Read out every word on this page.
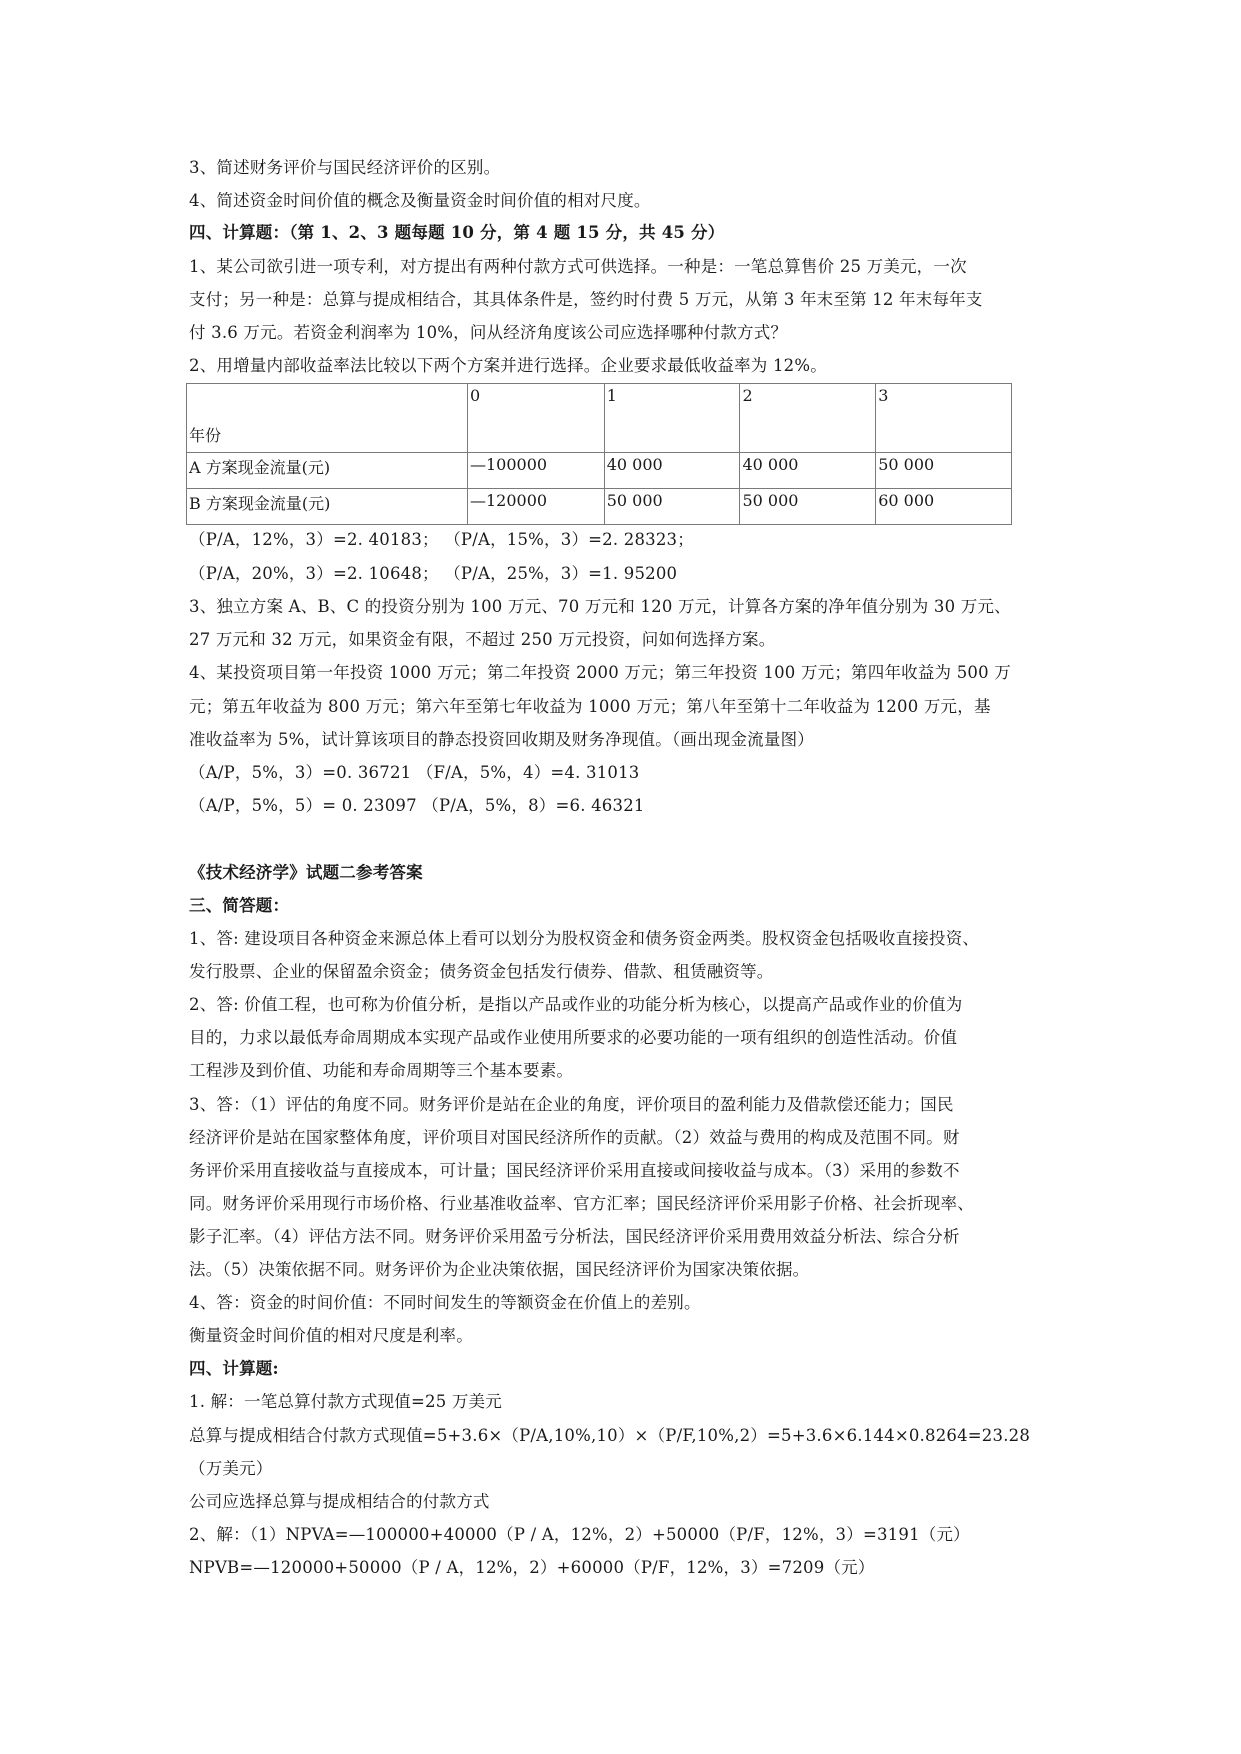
3、简述财务评价与国民经济评价的区别。
4、简述资金时间价值的概念及衡量资金时间价值的相对尺度。
四、计算题：（第 1、2、3 题每题 10 分，第 4 题 15 分，共 45 分）
1、某公司欲引进一项专利，对方提出有两种付款方式可供选择。一种是：一笔总算售价 25 万美元，一次
支付；另一种是：总算与提成相结合，其具体条件是，签约时付费 5 万元，从第 3 年末至第 12 年末每年支
付 3.6 万元。若资金利润率为 10%，问从经济角度该公司应选择哪种付款方式？
2、用增量内部收益率法比较以下两个方案并进行选择。企业要求最低收益率为 12%。
年份	0	1	2	3
A 方案现金流量(元)	—100000	40 000	40 000	50 000
B 方案现金流量(元)	—120000	50 000	50 000	60 000
（P/A，12%，3）=2. 40183； （P/A，15%，3）=2. 28323；
（P/A，20%，3）=2. 10648； （P/A，25%，3）=1. 95200
3、独立方案 A、B、C 的投资分别为 100 万元、70 万元和 120 万元，计算各方案的净年值分别为 30 万元、
27 万元和 32 万元，如果资金有限，不超过 250 万元投资，问如何选择方案。
4、某投资项目第一年投资 1000 万元；第二年投资 2000 万元；第三年投资 100 万元；第四年收益为 500 万
元；第五年收益为 800 万元；第六年至第七年收益为 1000 万元；第八年至第十二年收益为 1200 万元，基
准收益率为 5%，试计算该项目的静态投资回收期及财务净现值。（画出现金流量图）
（A/P，5%，3）=0. 36721 （F/A，5%，4）=4. 31013
（A/P，5%，5）= 0. 23097 （P/A，5%，8）=6. 46321
《技术经济学》试题二参考答案
三、简答题：
1、答: 建设项目各种资金来源总体上看可以划分为股权资金和债务资金两类。股权资金包括吸收直接投资、
发行股票、企业的保留盈余资金；债务资金包括发行债券、借款、租赁融资等。
2、答: 价值工程，也可称为价值分析，是指以产品或作业的功能分析为核心，以提高产品或作业的价值为
目的，力求以最低寿命周期成本实现产品或作业使用所要求的必要功能的一项有组织的创造性活动。价值
工程涉及到价值、功能和寿命周期等三个基本要素。
3、答：（1）评估的角度不同。财务评价是站在企业的角度，评价项目的盈利能力及借款偿还能力；国民
经济评价是站在国家整体角度，评价项目对国民经济所作的贡献。（2）效益与费用的构成及范围不同。财
务评价采用直接收益与直接成本，可计量；国民经济评价采用直接或间接收益与成本。（3）采用的参数不
同。财务评价采用现行市场价格、行业基准收益率、官方汇率；国民经济评价采用影子价格、社会折现率、
影子汇率。（4）评估方法不同。财务评价采用盈亏分析法，国民经济评价采用费用效益分析法、综合分析
法。（5）决策依据不同。财务评价为企业决策依据，国民经济评价为国家决策依据。
4、答：资金的时间价值：不同时间发生的等额资金在价值上的差别。
衡量资金时间价值的相对尺度是利率。
四、计算题:
1. 解：一笔总算付款方式现值=25 万美元
总算与提成相结合付款方式现值=5+3.6×（P/A,10%,10）×（P/F,10%,2）=5+3.6×6.144×0.8264=23.28
（万美元）
公司应选择总算与提成相结合的付款方式
2、解：（1）NPVA=—100000+40000（P / A，12%，2）+50000（P/F，12%，3）=3191（元）
NPVB=—120000+50000（P / A，12%，2）+60000（P/F，12%，3）=7209（元）
